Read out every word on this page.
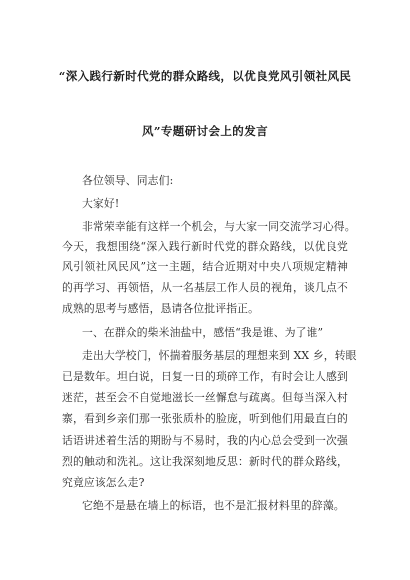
“深入践行新时代党的群众路线，以优良党风引领社风民
风”专题研讨会上的发言
各位领导、同志们:
大家好!
非常荣幸能有这样一个机会，与大家一同交流学习心得。
今天，我想围绕“深入践行新时代党的群众路线，以优良党
风引领社风民风”这一主题，结合近期对中央八项规定精神
的再学习、再领悟，从一名基层工作人员的视角，谈几点不
成熟的思考与感悟，恳请各位批评指正。
一、在群众的柴米油盐中，感悟“我是谁、为了谁”
走出大学校门，怀揣着服务基层的理想来到 XX 乡，转眼
已是数年。坦白说，日复一日的琐碎工作，有时会让人感到
迷茫，甚至会不自觉地滋长一丝懈怠与疏离。但每当深入村
寨，看到乡亲们那一张张质朴的脸庞，听到他们用最直白的
话语讲述着生活的期盼与不易时，我的内心总会受到一次强
烈的触动和洗礼。这让我深刻地反思：新时代的群众路线，
究竟应该怎么走?
它绝不是悬在墙上的标语，也不是汇报材料里的辞藻。
